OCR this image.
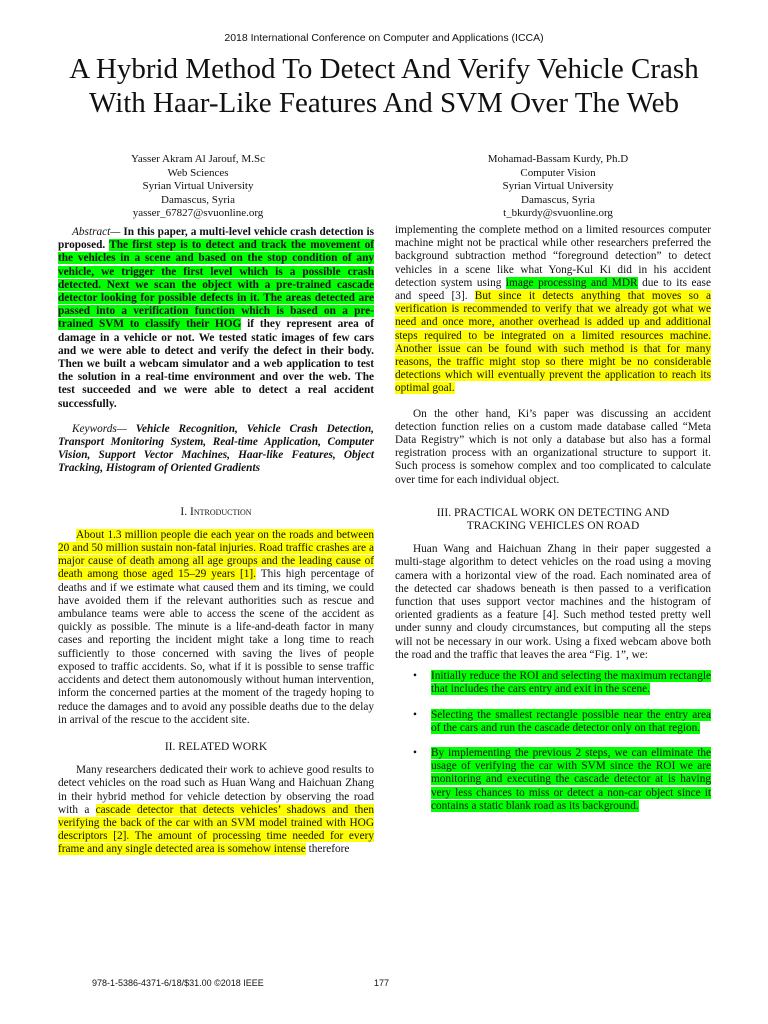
2018 International Conference on Computer and Applications (ICCA)
A Hybrid Method To Detect And Verify Vehicle Crash With Haar-Like Features And SVM Over The Web
Yasser Akram Al Jarouf, M.Sc
Web Sciences
Syrian Virtual University
Damascus, Syria
yasser_67827@svuonline.org
Mohamad-Bassam Kurdy, Ph.D
Computer Vision
Syrian Virtual University
Damascus, Syria
t_bkurdy@svuonline.org

Abstract— In this paper, a multi-level vehicle crash detection is proposed. The first step is to detect and track the movement of the vehicles in a scene and based on the stop condition of any vehicle, we trigger the first level which is a possible crash detected. Next we scan the object with a pre-trained cascade detector looking for possible defects in it. The areas detected are passed into a verification function which is based on a pre-trained SVM to classify their HOG if they represent area of damage in a vehicle or not. We tested static images of few cars and we were able to detect and verify the defect in their body. Then we built a webcam simulator and a web application to test the solution in a real-time environment and over the web. The test succeeded and we were able to detect a real accident successfully.

Keywords— Vehicle Recognition, Vehicle Crash Detection, Transport Monitoring System, Real-time Application, Computer Vision, Support Vector Machines, Haar-like Features, Object Tracking, Histogram of Oriented Gradients

I. Introduction

About 1.3 million people die each year on the roads and between 20 and 50 million sustain non-fatal injuries. Road traffic crashes are a major cause of death among all age groups and the leading cause of death among those aged 15–29 years [1]. This high percentage of deaths and if we estimate what caused them and its timing, we could have avoided them if the relevant authorities such as rescue and ambulance teams were able to access the scene of the accident as quickly as possible. The minute is a life-and-death factor in many cases and reporting the incident might take a long time to reach sufficiently to those concerned with saving the lives of people exposed to traffic accidents. So, what if it is possible to sense traffic accidents and detect them autonomously without human intervention, inform the concerned parties at the moment of the tragedy hoping to reduce the damages and to avoid any possible deaths due to the delay in arrival of the rescue to the accident site.

II. RELATED WORK

Many researchers dedicated their work to achieve good results to detect vehicles on the road such as Huan Wang and Haichuan Zhang in their hybrid method for vehicle detection by observing the road with a cascade detector that detects vehicles’ shadows and then verifying the back of the car with an SVM model trained with HOG descriptors [2]. The amount of processing time needed for every frame and any single detected area is somehow intense therefore

implementing the complete method on a limited resources computer machine might not be practical while other researchers preferred the background subtraction method “foreground detection” to detect vehicles in a scene like what Yong-Kul Ki did in his accident detection system using image processing and MDR due to its ease and speed [3]. But since it detects anything that moves so a verification is recommended to verify that we already got what we need and once more, another overhead is added up and additional steps required to be integrated on a limited resources machine. Another issue can be found with such method is that for many reasons, the traffic might stop so there might be no considerable detections which will eventually prevent the application to reach its optimal goal.

On the other hand, Ki’s paper was discussing an accident detection function relies on a custom made database called “Meta Data Registry” which is not only a database but also has a formal registration process with an organizational structure to support it. Such process is somehow complex and too complicated to calculate over time for each individual object.

III. PRACTICAL WORK ON DETECTING AND
TRACKING VEHICLES ON ROAD

Huan Wang and Haichuan Zhang in their paper suggested a multi-stage algorithm to detect vehicles on the road using a moving camera with a horizontal view of the road. Each nominated area of the detected car shadows beneath is then passed to a verification function that uses support vector machines and the histogram of oriented gradients as a feature [4]. Such method tested pretty well under sunny and cloudy circumstances, but computing all the steps will not be necessary in our work. Using a fixed webcam above both the road and the traffic that leaves the area “Fig. 1”, we:

• Initially reduce the ROI and selecting the maximum rectangle that includes the cars entry and exit in the scene.
• Selecting the smallest rectangle possible near the entry area of the cars and run the cascade detector only on that region.
• By implementing the previous 2 steps, we can eliminate the usage of verifying the car with SVM since the ROI we are monitoring and executing the cascade detector at is having very less chances to miss or detect a non-car object since it contains a static blank road as its background.
978-1-5386-4371-6/18/$31.00 ©2018 IEEE	177
